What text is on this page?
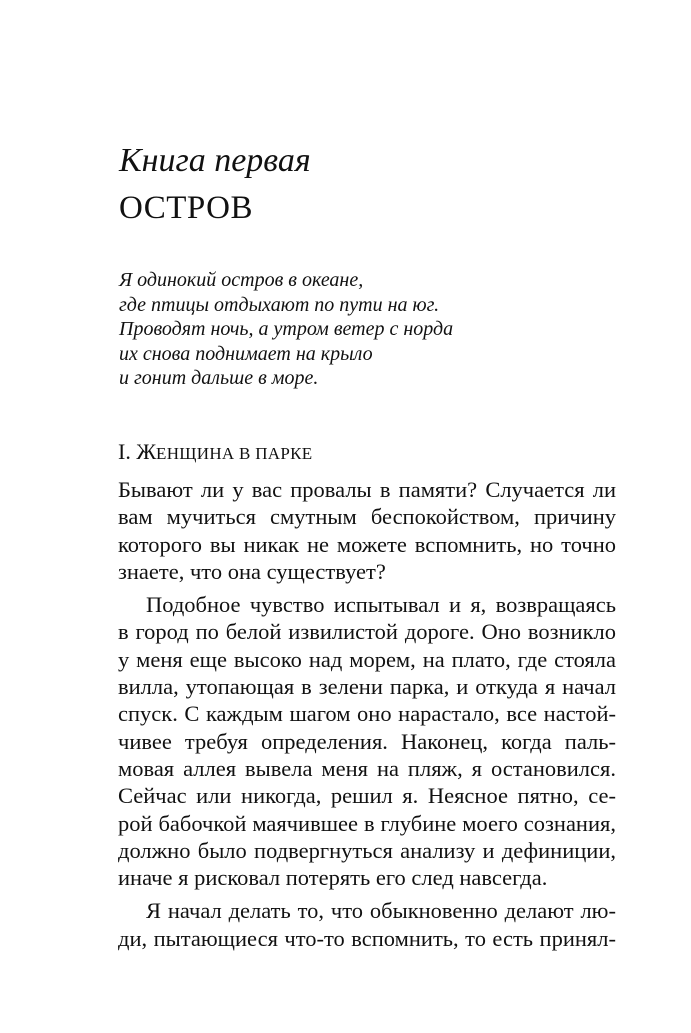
Книга первая
ОСТРОВ
Я одинокий остров в океане,
где птицы отдыхают по пути на юг.
Проводят ночь, а утром ветер с норда
их снова поднимает на крыло
и гонит дальше в море.
I. ЖЕНЩИНА В ПАРКЕ
Бывают ли у вас провалы в памяти? Случается ли
вам мучиться смутным беспокойством, причину
которого вы никак не можете вспомнить, но точно
знаете, что она существует?
Подобное чувство испытывал и я, возвращаясь
в город по белой извилистой дороге. Оно возникло
у меня еще высоко над морем, на плато, где стояла
вилла, утопающая в зелени парка, и откуда я начал
спуск. С каждым шагом оно нарастало, все настой-
чивее требуя определения. Наконец, когда паль-
мовая аллея вывела меня на пляж, я остановился.
Сейчас или никогда, решил я. Неясное пятно, се-
рой бабочкой маячившее в глубине моего сознания,
должно было подвергнуться анализу и дефиниции,
иначе я рисковал потерять его след навсегда.
Я начал делать то, что обыкновенно делают лю-
ди, пытающиеся что-то вспомнить, то есть принял-
